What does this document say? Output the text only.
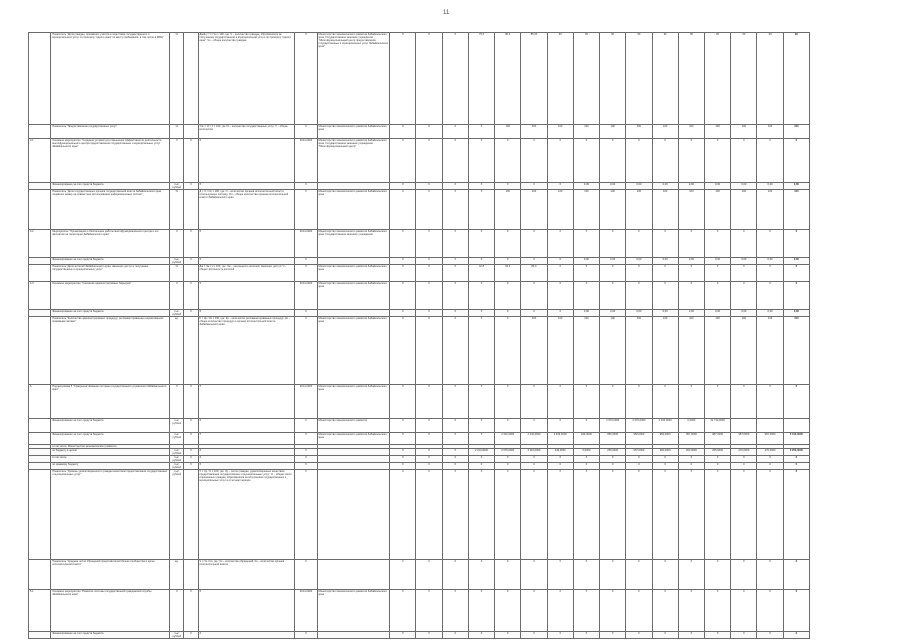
11
	Показатель "Доля граждан, принявших участие в подготовке государственного и муниципального услуг по принципу "одного окна" по месту пребывания, в том числе в МФЦ"	%		Дмфц = Ч / Чо х 100, где: Ч – количество граждан, обратившихся за получением государственной и муниципальной услуги по принципу "одного окна"; Чо – общее количество граждан	X	Министерство экономического развития Забайкальского края, Государственное казенное учреждение "Многофункциональный центр предоставления государственных и муниципальных услуг Забайкальского края"	X	X	X	79,5	80,4	85,00	90	90	90	90	90	90	90	90	90	90
	Показатель "Предоставление государственных услуг"	%		Упс = Ус / У х 100, где Ус – количество государственных услуг; У – общее количество	X	Министерство экономического развития Забайкальского края	X	X	X	X	100	100	100	100	100	100	100	100	100	100	100	100
4.1	Основное мероприятие "Создание условий для повышения эффективности деятельности многофункционального центра предоставления государственных и муниципальных услуг Забайкальского края"	X	X	X	2014-2020	Министерство экономического развития Забайкальского края, Государственное казенное учреждение "Многофункциональный центр"	X	X	X	X	X	X	X	X	X	X	X	X	X	X	X	X
	Финансирование за счет средств бюджета	тыс. рублей	X	X	X		X	X	X	X	X	X	X	0,00	0,00	0,00	0,00	0,00	0,00	0,00	0,00	0,00
	Показатель "Доля государственных органов государственной власти Забайкальского края, подавших заявку на совместное использование информационных систем"	%		Д = О / Оо х 100, где: О – количество органов исполнительной власти, использующих систему; Оо – общее количество органов исполнительной власти Забайкальского края	X	Министерство экономического развития Забайкальского края	X	X	X	X	100	100	100	100	100	100	100	100	100	100	100	100
4.2	Мероприятие "Организация и обеспечение работы многофункционального центра и его филиалов на территории Забайкальского края"	X	X	X	2014-2020	Министерство экономического развития Забайкальского края, Государственное казенное учреждение	X	X	X	X	X	X	X	X	X	X	X	X	X	X	X	X
	Финансирование за счет средств бюджета	тыс. рублей	X	X	X		X	X	X	X	X	X	X	0,00	0,00	0,00	0,00	0,00	0,00	0,00	0,00	0,00
	Показатель "Доля жителей Забайкальского края, имеющих доступ к получению государственных и муниципальных услуг"	%		Дж = Чж / Ч х 100, где: Чж – численность жителей, имеющих доступ; Ч – общая численность жителей	X	Министерство экономического развития Забайкальского края	X	X	X	42,8	63,3	83,0	X	X	X	X	X	X	X	X	X	X
4.3	Основное мероприятие "Снижение административных барьеров"	X	X	X	2014-2020	Министерство экономического развития Забайкальского края	X	X	X	X	X	X	X	X	X	X	X	X	X	X	X	X
	Финансирование за счет средств бюджета	тыс. рублей	X	X	X		X	X	X	X	X	X	X	0,00	0,00	0,00	0,00	0,00	0,00	0,00	0,00	0,00
	Показатель "Количество административных процедур, регламентированных нормативными правовыми актами"	ед.		К = Кр / Ко х 100, где: Кр – количество регламентированных процедур; Ко – общее количество процедур в органах исполнительной власти Забайкальского края	X	Министерство экономического развития Забайкальского края	X	X	X	X	X	100	100	100	100	100	100	100	100	100	100	100
5	Подпрограмма 5 "Совершенствование системы государственного управления Забайкальского края"	X	X	X	2014-2020	Министерство экономического развития Забайкальского края	X	X	X	X	X	X	X	X	X	X	X	X	X	X	X	X
	Финансирование за счет средств бюджета	тыс. рублей	X	X	X	Министерство экономического развития	X	X	X	X	X	X	X	0	1 970,0000	2 070,0000	2 160,0000	0,0000	32 710,0000			
	Финансирование за счет средств бюджета	тыс. рублей	X	X	X	Министерство экономического развития Забайкальского края	X	X	X	X	2 310,0000	2 444,0000	2 499,0000	949,0000	950,0000	950,0000	950,0000	957,0000	987,0000	987,0000	987,0000	5 310,0000
	в том числе: Министерство экономического развития																					
	по бюджету в целом	тыс. рублей	X	X	X		X	X	X	2 010,0000	2 079,0000	2 110,0000	249,0000	0,0000	250,0000	257,0000	260,0000	260,0000	265,0000	270,0000	270,0000	2 250,0000
	в том числе	тыс. рублей	X	X	X		X	X	X	X	X	X	X	X	X	X	X	X	X	X	X	X
	по краевому бюджету	тыс. рублей	X	X	X		X	X	X	0	0	0	0	0	0	0	0	0	0	0	0	0
	Показатель "Уровень удовлетворенности граждан качеством предоставления государственных и муниципальных услуг"	тыс. рублей		У = Уд / О х 100, где: Уд – число граждан, удовлетворенных качеством предоставления государственных и муниципальных услуг; О – общее число опрошенных граждан, обратившихся за получением государственных и муниципальных услуг в отчетном периоде	X		X	X	X	X	X	X	X	X	X	X	X	X	X	X	X	X
	Показатель "Среднее число обращений представителей бизнес-сообщества в орган исполнительной власти"	ед.		Ч = Чо / Ко, где: Чо – количество обращений; Ко – количество органов исполнительной власти	X		X	X	X	X	X	X	X	X	X	X	X	X	X	X	X	X
5.1	Основное мероприятие "Развитие системы государственной гражданской службы Забайкальского края"	X	X	X	2014-2020	Министерство экономического развития Забайкальского края	X	X	X	X	X	X	X	X	X	X	X	X	X	X	X	X
	Финансирование за счет средств бюджета	тыс. рублей	X	X	X		X	X	X	X	X	X	X	X	X	X	X	X	X	X	X	X
